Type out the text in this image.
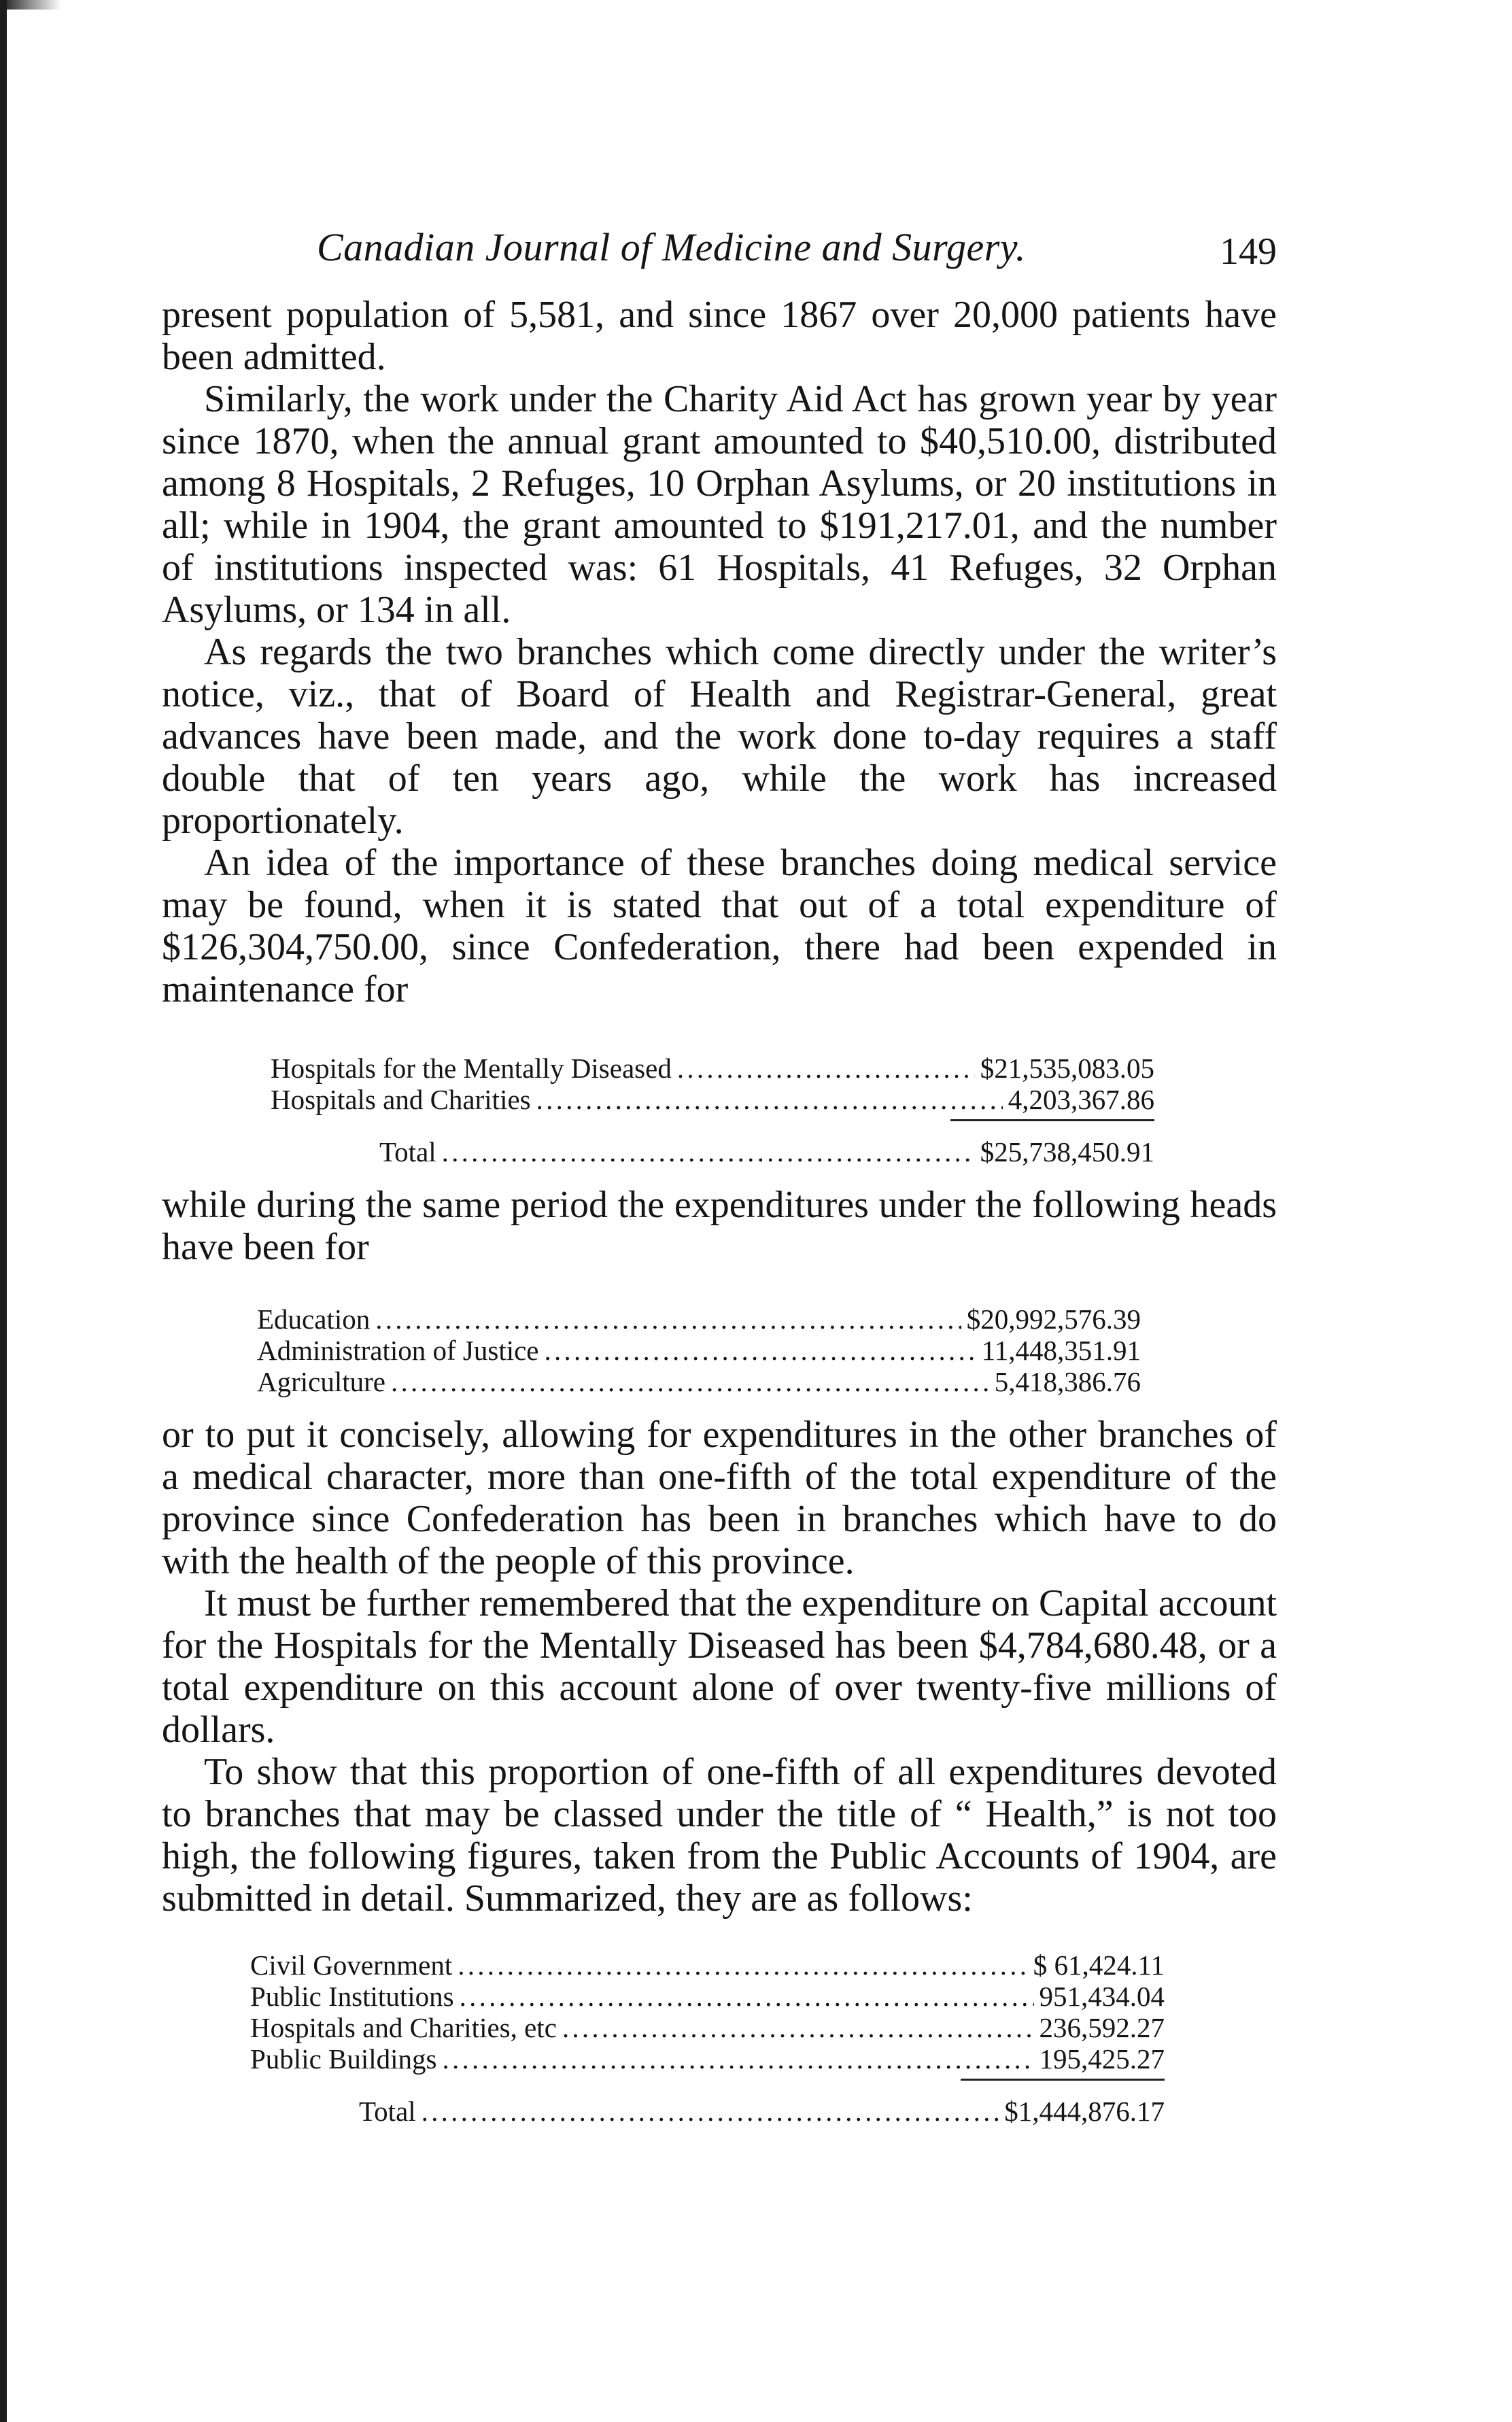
Canadian Journal of Medicine and Surgery.	149

present population of 5,581, and since 1867 over 20,000 patients have been admitted.

Similarly, the work under the Charity Aid Act has grown year by year since 1870, when the annual grant amounted to $40,510.00, distributed among 8 Hospitals, 2 Refuges, 10 Orphan Asylums, or 20 institutions in all; while in 1904, the grant amounted to $191,217.01, and the number of institutions inspected was: 61 Hospitals, 41 Refuges, 32 Orphan Asylums, or 134 in all.

As regards the two branches which come directly under the writer’s notice, viz., that of Board of Health and Registrar-General, great advances have been made, and the work done to-day requires a staff double that of ten years ago, while the work has increased proportionately.

An idea of the importance of these branches doing medical service may be found, when it is stated that out of a total expenditure of $126,304,750.00, since Confederation, there had been expended in maintenance for

Hospitals for the Mentally Diseased . . .	$21,535,083.05
Hospitals and Charities . . .	4,203,367.86
Total . . .	$25,738,450.91

while during the same period the expenditures under the following heads have been for

Education . . .	$20,992,576.39
Administration of Justice . . .	11,448,351.91
Agriculture . . .	5,418,386.76

or to put it concisely, allowing for expenditures in the other branches of a medical character, more than one-fifth of the total expenditure of the province since Confederation has been in branches which have to do with the health of the people of this province.

It must be further remembered that the expenditure on Capital account for the Hospitals for the Mentally Diseased has been $4,784,680.48, or a total expenditure on this account alone of over twenty-five millions of dollars.

To show that this proportion of one-fifth of all expenditures devoted to branches that may be classed under the title of “ Health,” is not too high, the following figures, taken from the Public Accounts of 1904, are submitted in detail. Summarized, they are as follows:

Civil Government . . .	$ 61,424.11
Public Institutions . . .	951,434.04
Hospitals and Charities, etc . . .	236,592.27
Public Buildings . . .	195,425.27
Total . . .	$1,444,876.17
